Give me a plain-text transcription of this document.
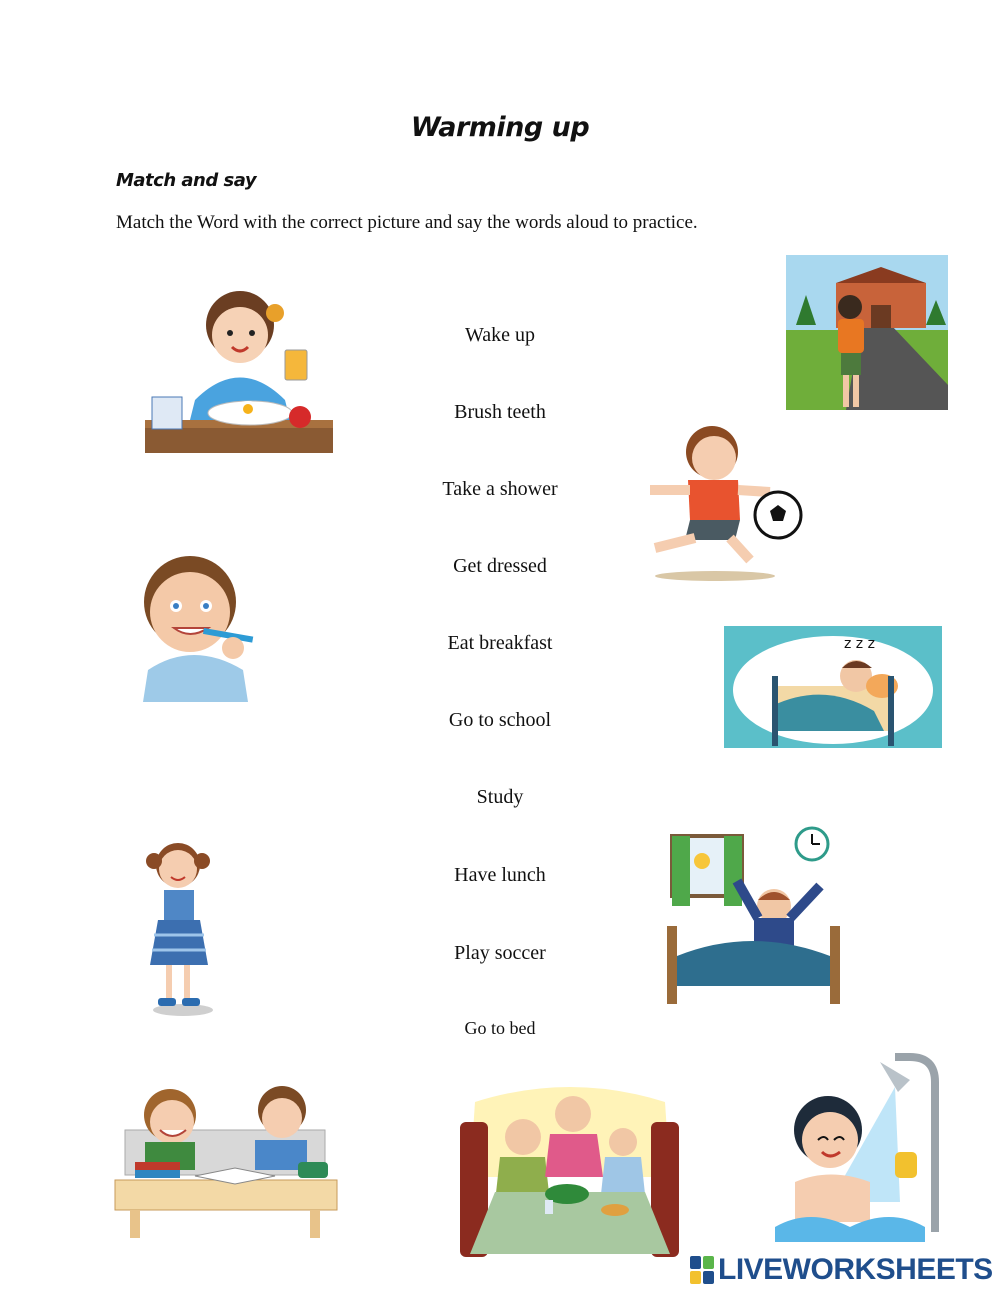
Warming up
Match and say
Match the Word with the correct picture and say the words aloud to practice.
Wake up
Brush teeth
Take a shower
Get dressed
Eat breakfast
Go to school
Study
Have lunch
Play soccer
Go to bed
z z z
LIVEWORKSHEETS
